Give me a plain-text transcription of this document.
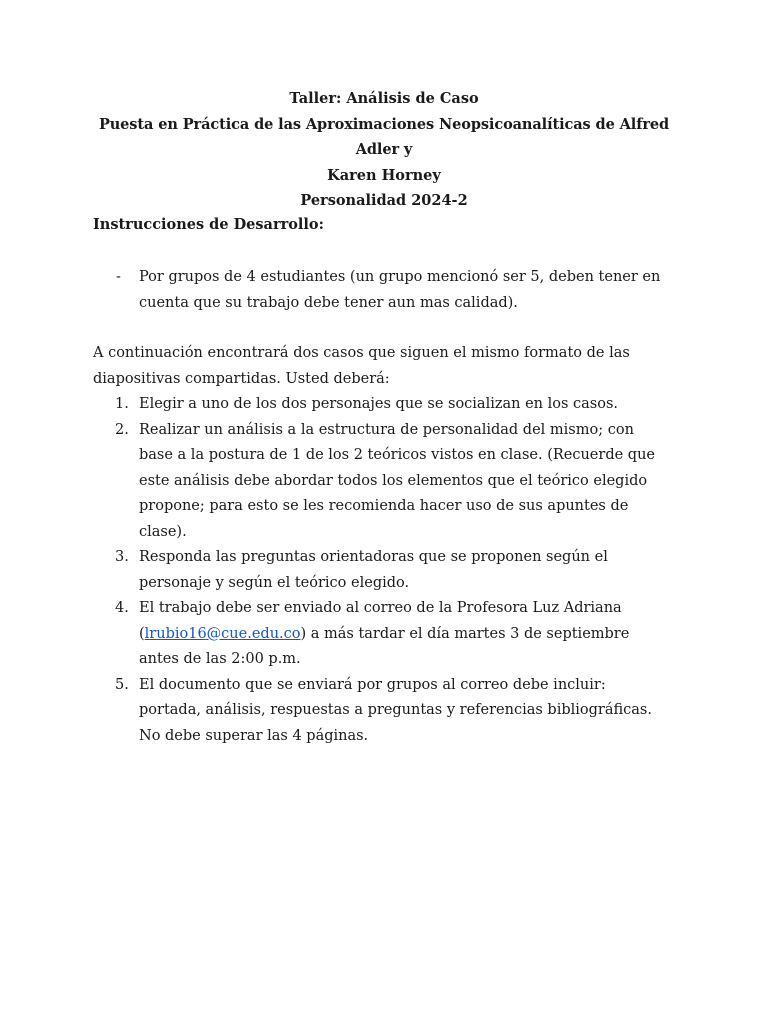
Taller: Análisis de Caso
Puesta en Práctica de las Aproximaciones Neopsicoanalíticas de Alfred Adler y
Karen Horney
Personalidad 2024-2
Instrucciones de Desarrollo:
- Por grupos de 4 estudiantes (un grupo mencionó ser 5, deben tener en cuenta que su trabajo debe tener aun mas calidad).
A continuación encontrará dos casos que siguen el mismo formato de las diapositivas compartidas. Usted deberá:
1. Elegir a uno de los dos personajes que se socializan en los casos.
2. Realizar un análisis a la estructura de personalidad del mismo; con base a la postura de 1 de los 2 teóricos vistos en clase. (Recuerde que este análisis debe abordar todos los elementos que el teórico elegido propone; para esto se les recomienda hacer uso de sus apuntes de clase).
3. Responda las preguntas orientadoras que se proponen según el personaje y según el teórico elegido.
4. El trabajo debe ser enviado al correo de la Profesora Luz Adriana (lrubio16@cue.edu.co) a más tardar el día martes 3 de septiembre antes de las 2:00 p.m.
5. El documento que se enviará por grupos al correo debe incluir: portada, análisis, respuestas a preguntas y referencias bibliográficas. No debe superar las 4 páginas.
